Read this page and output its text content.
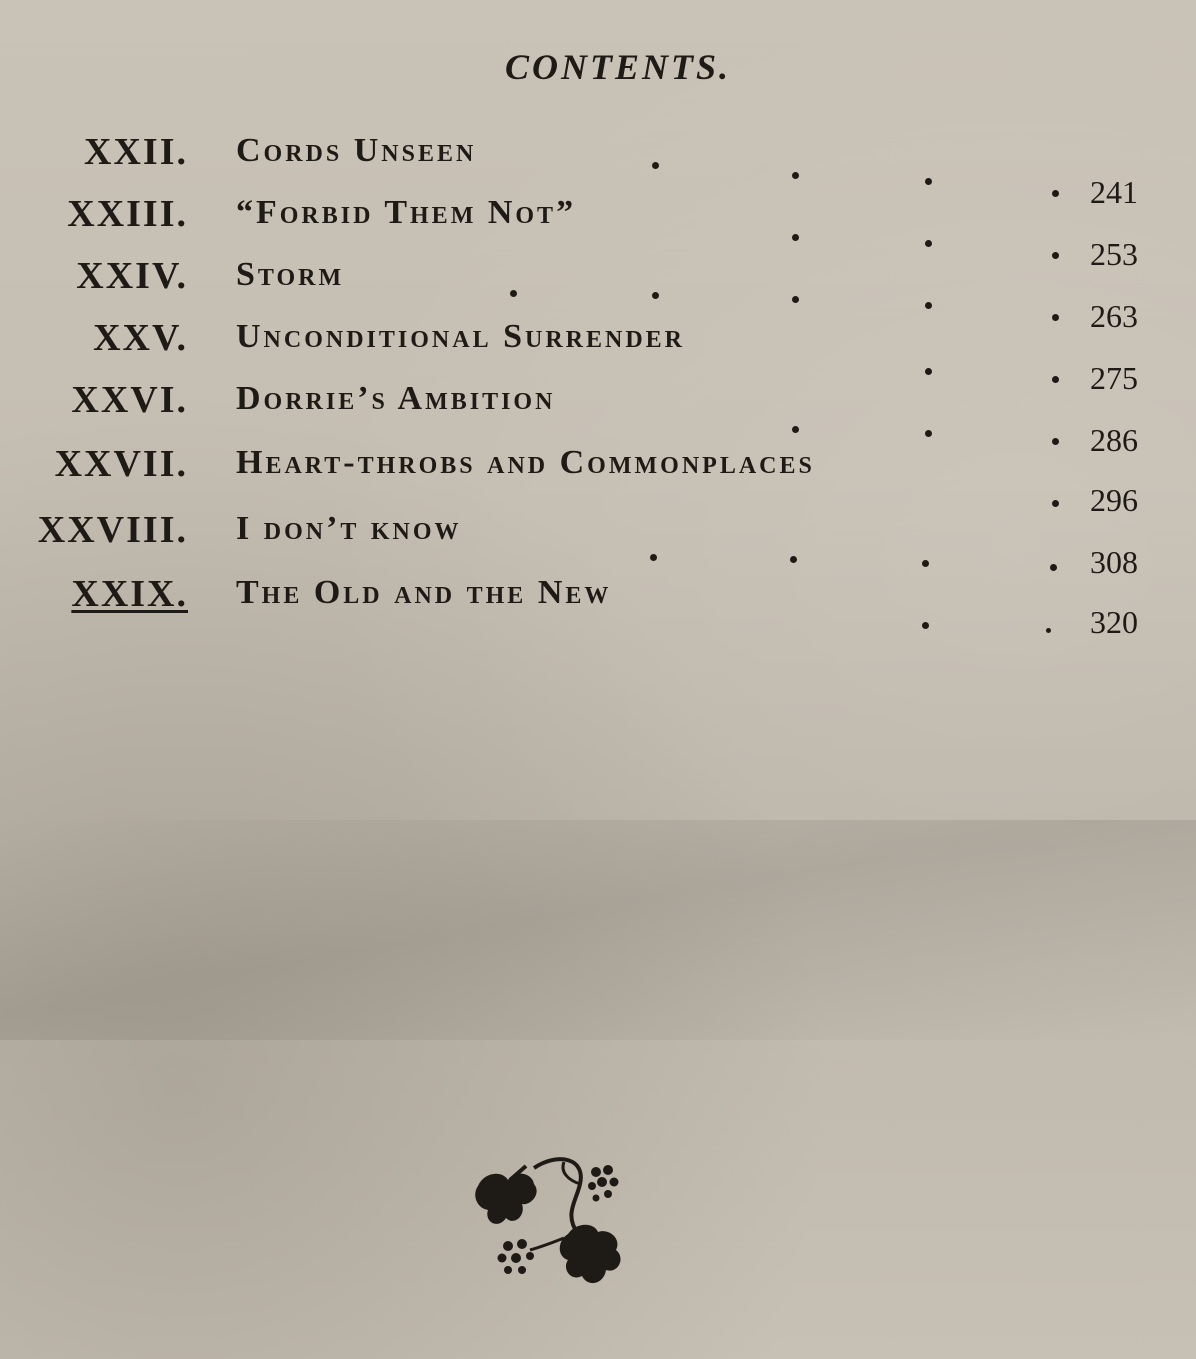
CONTENTS.
XXII. Cords Unseen
241
XXIII. “Forbid Them Not”
253
XXIV. Storm
263
XXV. Unconditional Surrender
275
XXVI. Dorrie’s Ambition
286
XXVII. Heart-throbs and Commonplaces
296
XXVIII. I don’t know
308
XXIX. The Old and the New
320
